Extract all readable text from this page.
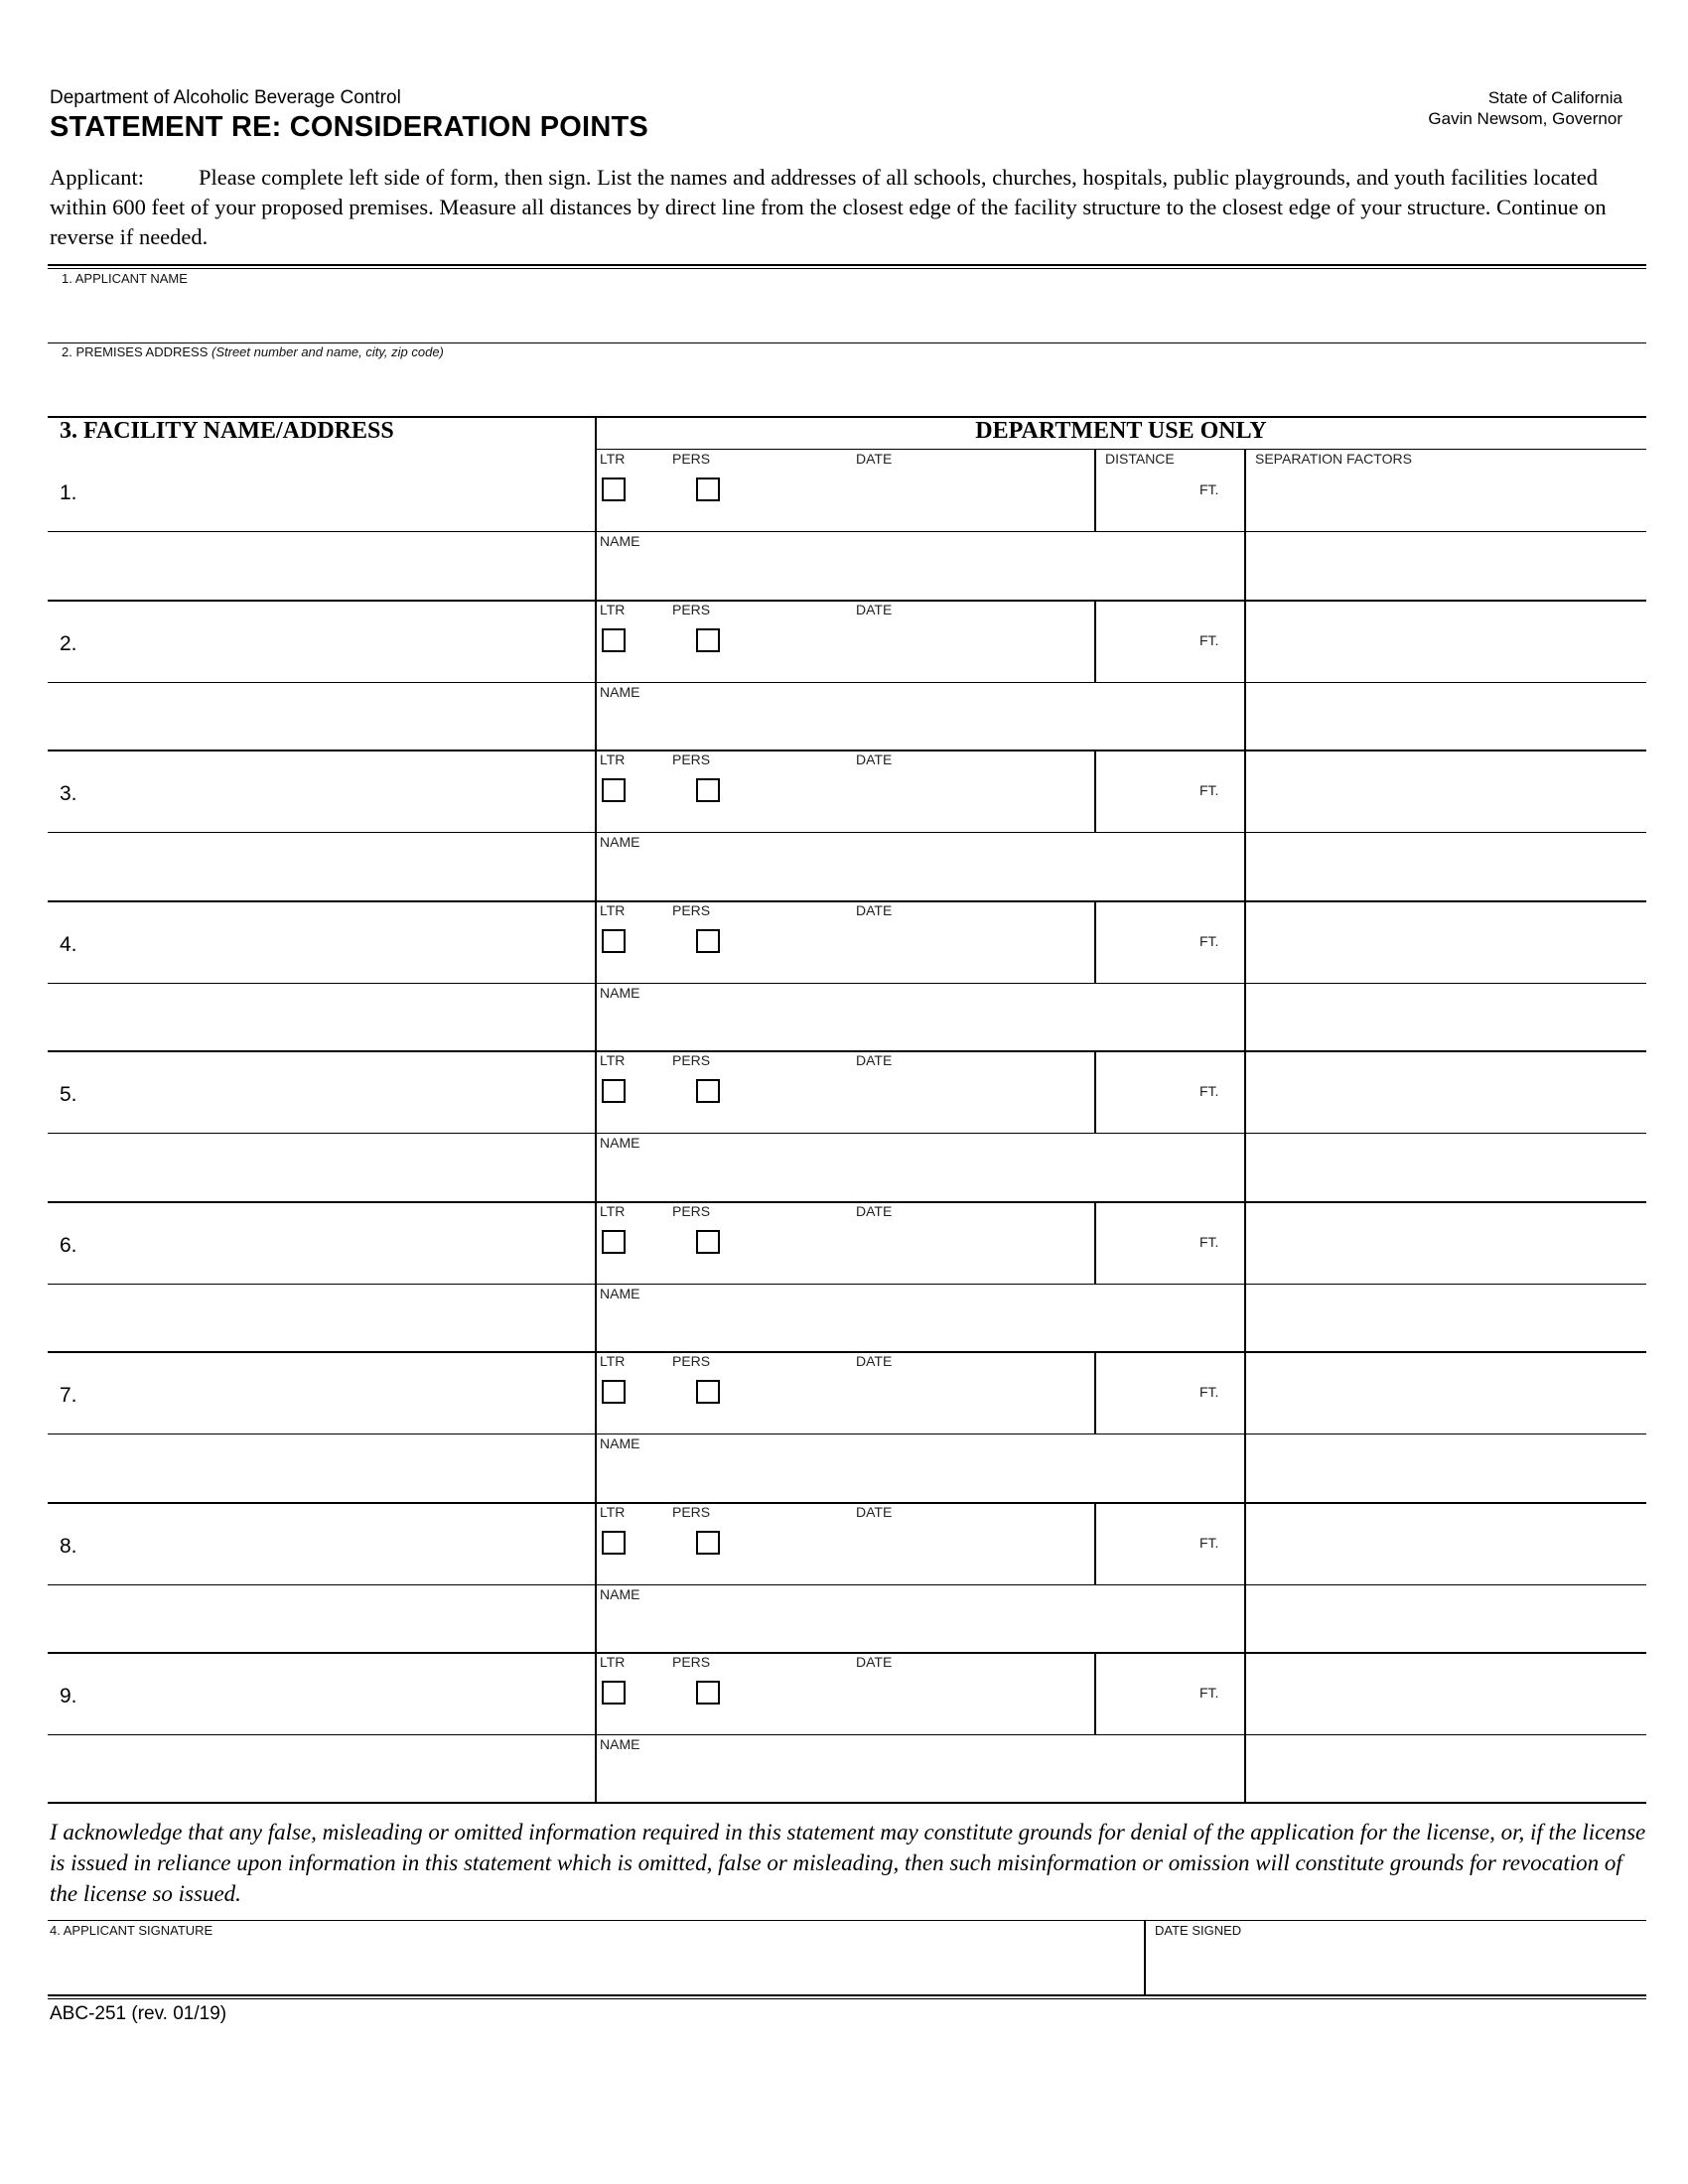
Department of Alcoholic Beverage Control
STATEMENT RE: CONSIDERATION POINTS
State of California
Gavin Newsom, Governor
Applicant: Please complete left side of form, then sign. List the names and addresses of all schools, churches, hospitals, public playgrounds, and youth facilities located within 600 feet of your proposed premises. Measure all distances by direct line from the closest edge of the facility structure to the closest edge of your structure. Continue on reverse if needed.
1. APPLICANT NAME
2. PREMISES ADDRESS (Street number and name, city, zip code)
3. FACILITY NAME/ADDRESS	DEPARTMENT USE ONLY
1.
LTR	PERS	DATE	DISTANCE	SEPARATION FACTORS
FT.
NAME
2.
LTR	PERS	DATE
FT.
NAME
3.
LTR	PERS	DATE
FT.
NAME
4.
LTR	PERS	DATE
FT.
NAME
5.
LTR	PERS	DATE
FT.
NAME
6.
LTR	PERS	DATE
FT.
NAME
7.
LTR	PERS	DATE
FT.
NAME
8.
LTR	PERS	DATE
FT.
NAME
9.
LTR	PERS	DATE
FT.
NAME
I acknowledge that any false, misleading or omitted information required in this statement may constitute grounds for denial of the application for the license, or, if the license is issued in reliance upon information in this statement which is omitted, false or misleading, then such misinformation or omission will constitute grounds for revocation of the license so issued.
4. APPLICANT SIGNATURE	DATE SIGNED
ABC-251 (rev. 01/19)
